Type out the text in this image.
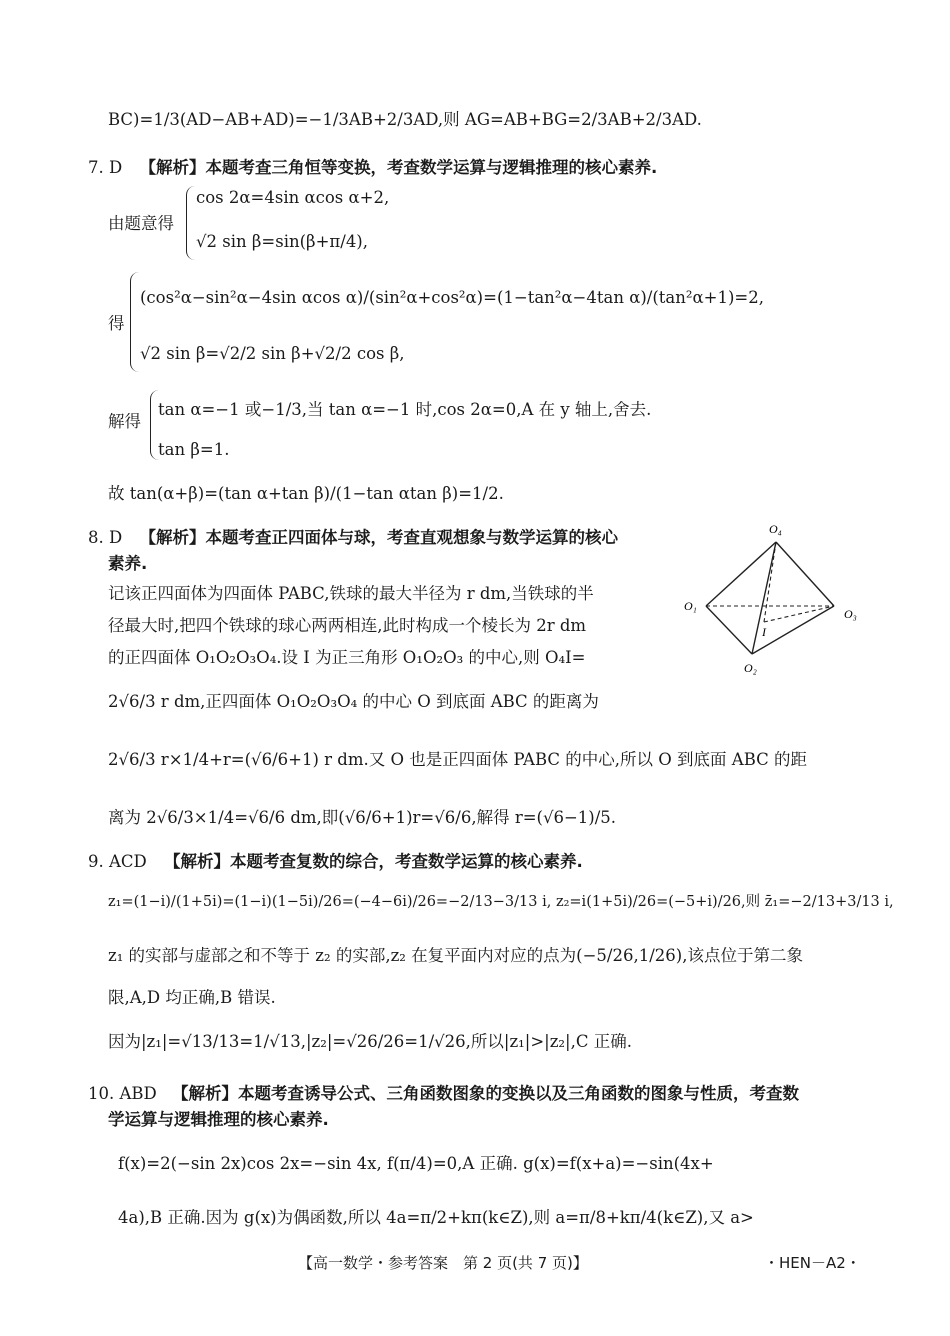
BC)=1/3(AD−AB+AD)=−1/3AB+2/3AD,则 AG=AB+BG=2/3AB+2/3AD.
7. D 【解析】本题考查三角恒等变换，考查数学运算与逻辑推理的核心素养.
由题意得
cos 2α=4sin αcos α+2,
√2 sin β=sin(β+π/4),
得
(cos²α−sin²α−4sin αcos α)/(sin²α+cos²α)=(1−tan²α−4tan α)/(tan²α+1)=2,
√2 sin β=√2/2 sin β+√2/2 cos β,
解得
tan α=−1 或−1/3,当 tan α=−1 时,cos 2α=0,A 在 y 轴上,舍去.
tan β=1.
故 tan(α+β)=(tan α+tan β)/(1−tan αtan β)=1/2.
8. D 【解析】本题考查正四面体与球，考查直观想象与数学运算的核心
素养.
记该正四面体为四面体 PABC,铁球的最大半径为 r dm,当铁球的半
径最大时,把四个铁球的球心两两相连,此时构成一个棱长为 2r dm
的正四面体 O₁O₂O₃O₄.设 I 为正三角形 O₁O₂O₃ 的中心,则 O₄I=
2√6/3 r dm,正四面体 O₁O₂O₃O₄ 的中心 O 到底面 ABC 的距离为
2√6/3 r×1/4+r=(√6/6+1) r dm.又 O 也是正四面体 PABC 的中心,所以 O 到底面 ABC 的距
离为 2√6/3×1/4=√6/6 dm,即(√6/6+1)r=√6/6,解得 r=(√6−1)/5.
O₄
O₁
O₃
O₂
I
9. ACD 【解析】本题考查复数的综合，考查数学运算的核心素养.
z₁=(1−i)/(1+5i)=(1−i)(1−5i)/26=(−4−6i)/26=−2/13−3/13 i, z₂=i(1+5i)/26=(−5+i)/26,则 z̄₁=−2/13+3/13 i,
z₁ 的实部与虚部之和不等于 z₂ 的实部,z₂ 在复平面内对应的点为(−5/26,1/26),该点位于第二象
限,A,D 均正确,B 错误.
因为|z₁|=√13/13=1/√13,|z₂|=√26/26=1/√26,所以|z₁|>|z₂|,C 正确.
10. ABD 【解析】本题考查诱导公式、三角函数图象的变换以及三角函数的图象与性质，考查数
学运算与逻辑推理的核心素养.
f(x)=2(−sin 2x)cos 2x=−sin 4x, f(π/4)=0,A 正确. g(x)=f(x+a)=−sin(4x+
4a),B 正确.因为 g(x)为偶函数,所以 4a=π/2+kπ(k∈Z),则 a=π/8+kπ/4(k∈Z),又 a>
【高一数学・参考答案　第 2 页(共 7 页)】	・HEN－A2・
